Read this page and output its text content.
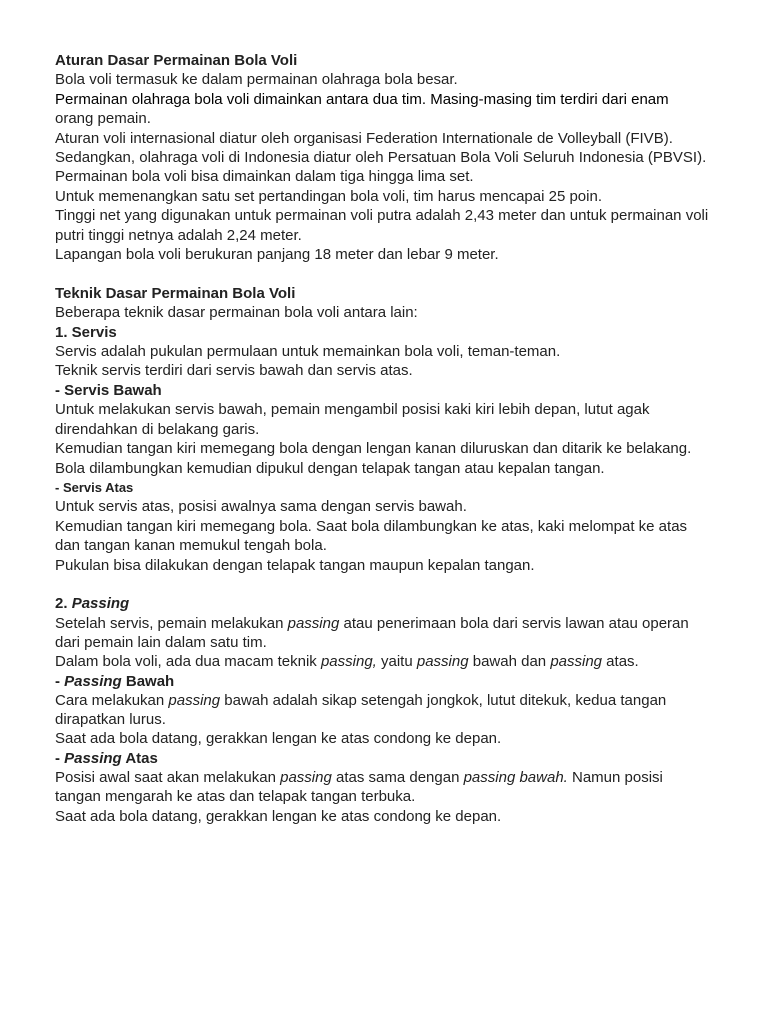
Aturan Dasar Permainan Bola Voli

Bola voli termasuk ke dalam permainan olahraga bola besar.

Permainan olahraga bola voli dimainkan antara dua tim. Masing-masing tim terdiri dari enam

orang pemain.

Aturan voli internasional diatur oleh organisasi Federation Internationale de Volleyball (FIVB).

Sedangkan, olahraga voli di Indonesia diatur oleh Persatuan Bola Voli Seluruh Indonesia (PBVSI).

Permainan bola voli bisa dimainkan dalam tiga hingga lima set.

Untuk memenangkan satu set pertandingan bola voli, tim harus mencapai 25 poin.

Tinggi net yang digunakan untuk permainan voli putra adalah 2,43 meter dan untuk permainan voli

putri tinggi netnya adalah 2,24 meter.

Lapangan bola voli berukuran panjang 18 meter dan lebar 9 meter.

Teknik Dasar Permainan Bola Voli

Beberapa teknik dasar permainan bola voli antara lain:

1. Servis

Servis adalah pukulan permulaan untuk memainkan bola voli, teman-teman.

Teknik servis terdiri dari servis bawah dan servis atas.

- Servis Bawah

Untuk melakukan servis bawah, pemain mengambil posisi kaki kiri lebih depan, lutut agak

direndahkan di belakang garis.

Kemudian tangan kiri memegang bola dengan lengan kanan diluruskan dan ditarik ke belakang.

Bola dilambungkan kemudian dipukul dengan telapak tangan atau kepalan tangan.

- Servis Atas

Untuk servis atas, posisi awalnya sama dengan servis bawah.

Kemudian tangan kiri memegang bola. Saat bola dilambungkan ke atas, kaki melompat ke atas

dan tangan kanan memukul tengah bola.

Pukulan bisa dilakukan dengan telapak tangan maupun kepalan tangan.

2. Passing

Setelah servis, pemain melakukan passing atau penerimaan bola dari servis lawan atau operan

dari pemain lain dalam satu tim.

Dalam bola voli, ada dua macam teknik passing, yaitu passing bawah dan passing atas.

- Passing Bawah

Cara melakukan passing bawah adalah sikap setengah jongkok, lutut ditekuk, kedua tangan

dirapatkan lurus.

Saat ada bola datang, gerakkan lengan ke atas condong ke depan.

- Passing Atas

Posisi awal saat akan melakukan passing atas sama dengan passing bawah. Namun posisi

tangan mengarah ke atas dan telapak tangan terbuka.

Saat ada bola datang, gerakkan lengan ke atas condong ke depan.
